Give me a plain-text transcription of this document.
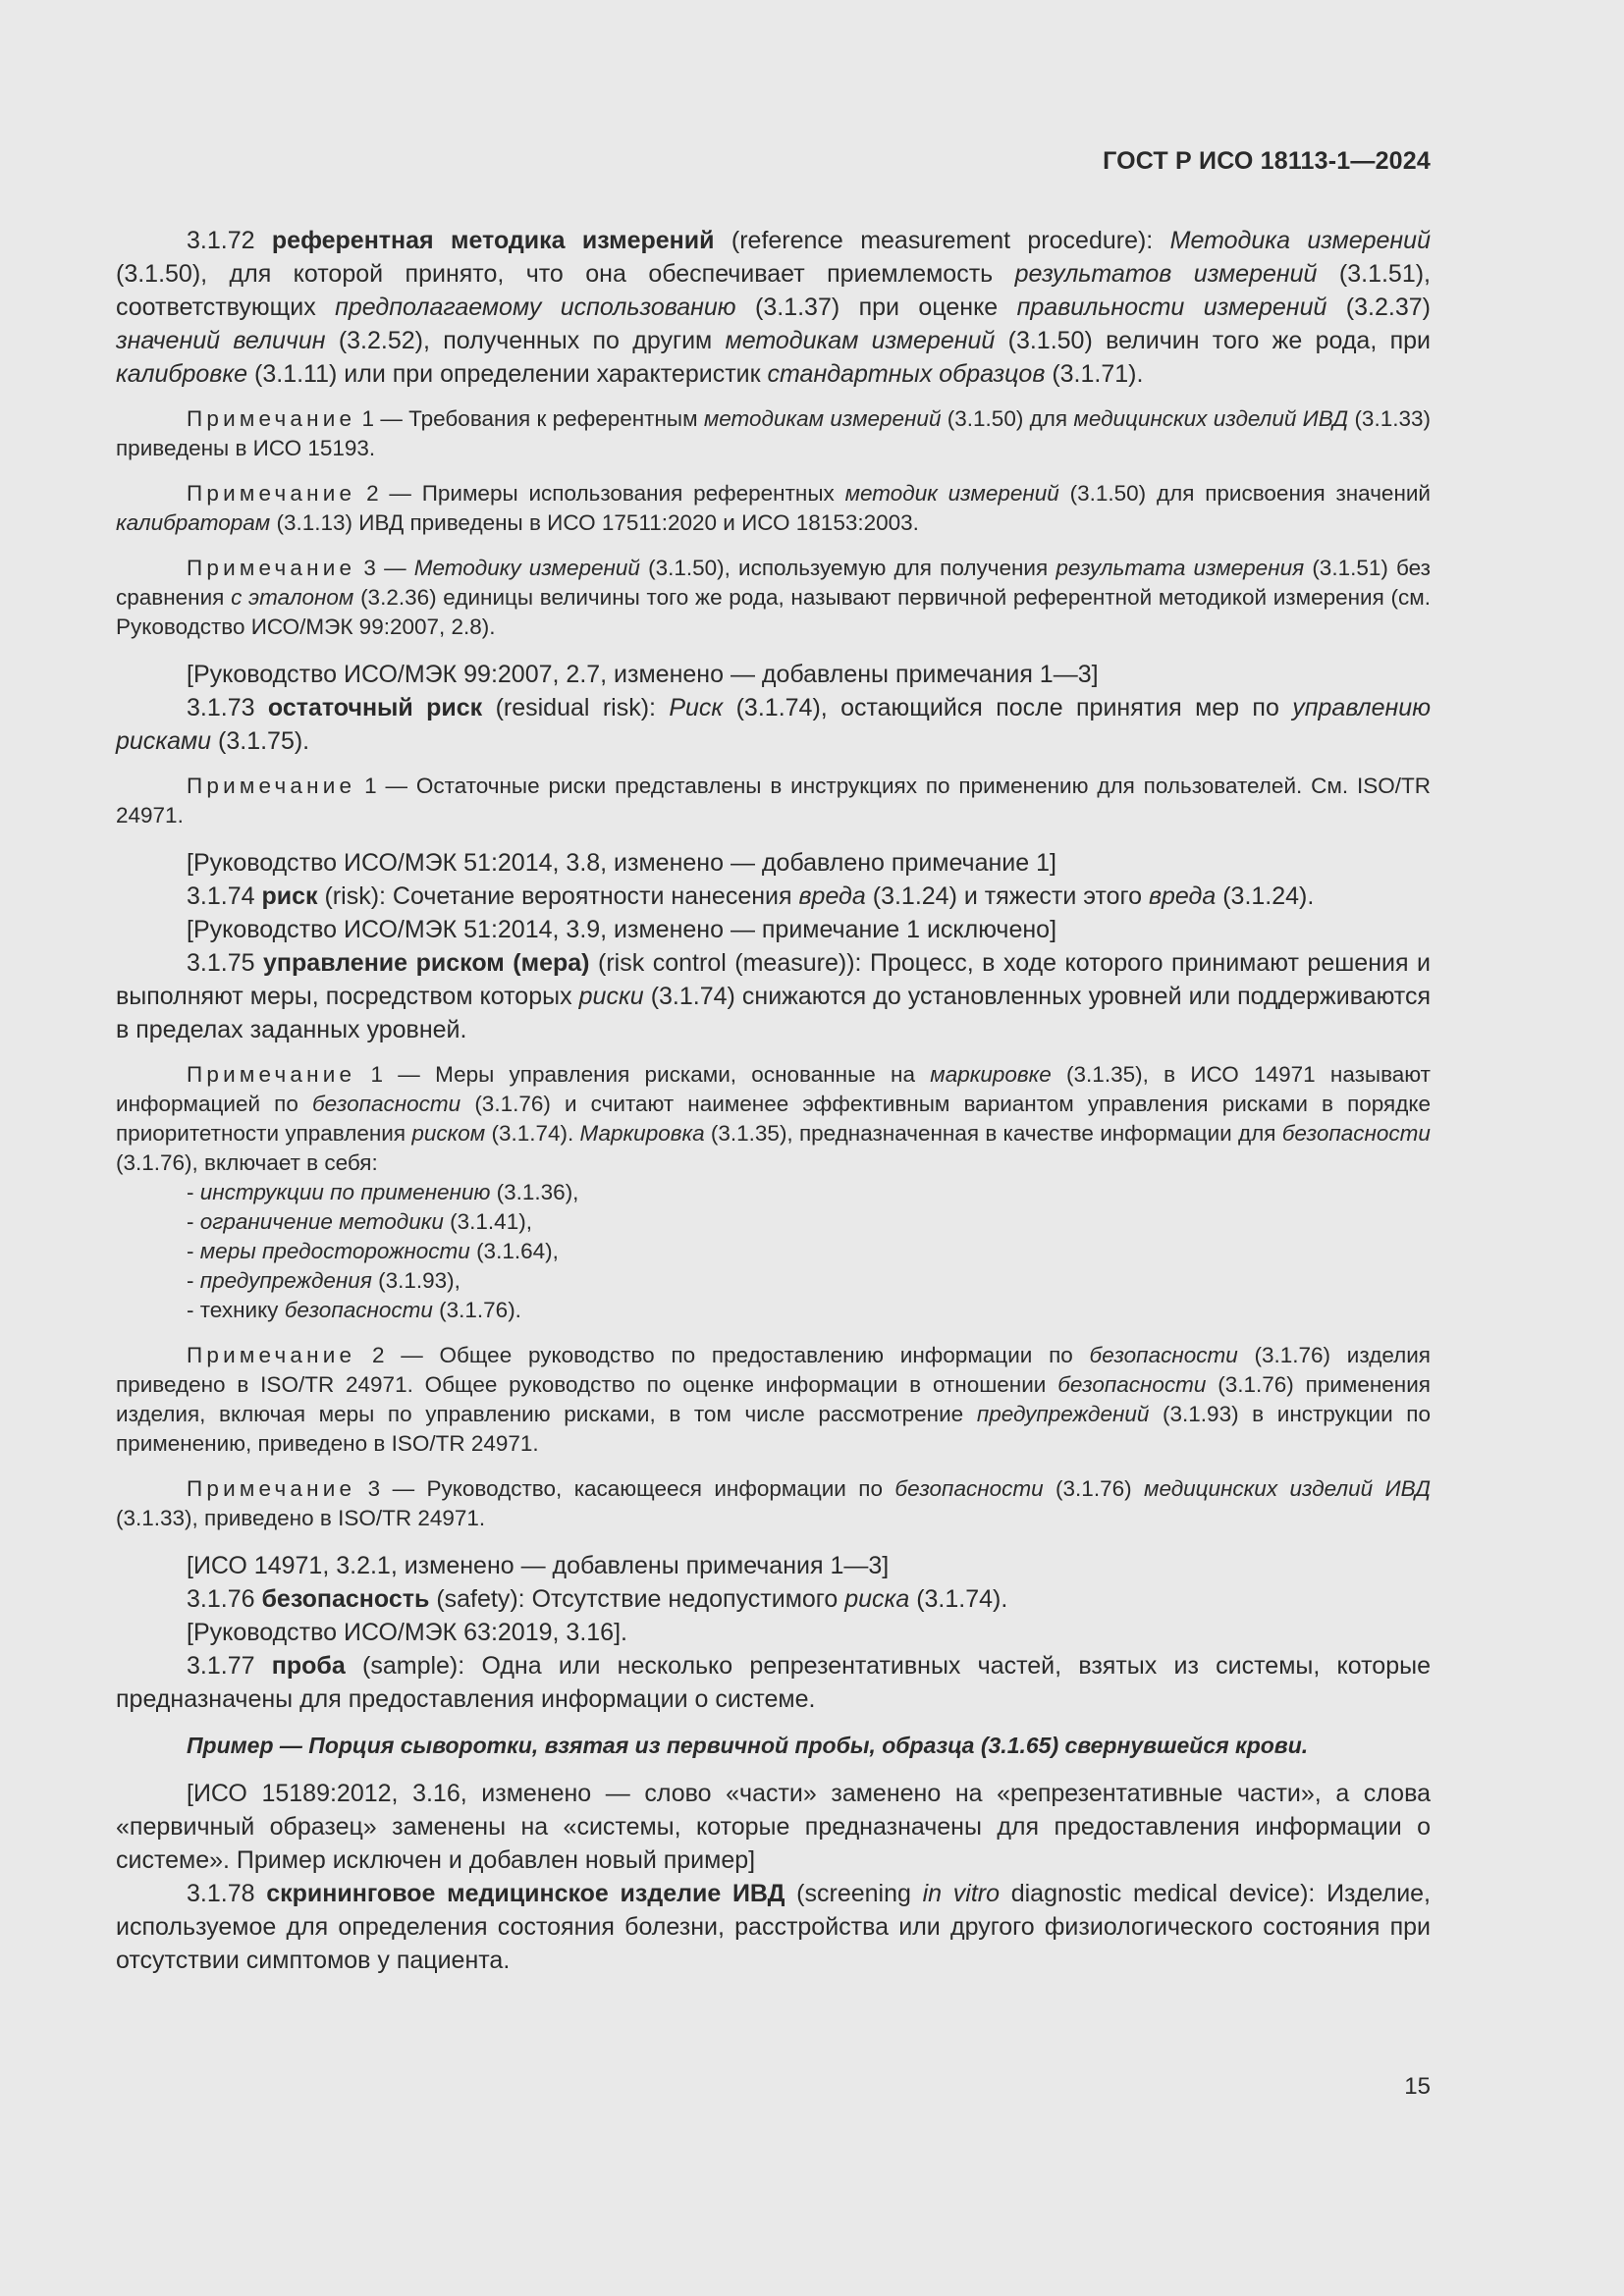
ГОСТ Р ИСО 18113-1—2024

3.1.72 референтная методика измерений (reference measurement procedure): Методика измерений (3.1.50), для которой принято, что она обеспечивает приемлемость результатов измерений (3.1.51), соответствующих предполагаемому использованию (3.1.37) при оценке правильности измерений (3.2.37) значений величин (3.2.52), полученных по другим методикам измерений (3.1.50) величин того же рода, при калибровке (3.1.11) или при определении характеристик стандартных образцов (3.1.71).

Примечание 1 — Требования к референтным методикам измерений (3.1.50) для медицинских изделий ИВД (3.1.33) приведены в ИСО 15193.

Примечание 2 — Примеры использования референтных методик измерений (3.1.50) для присвоения значений калибраторам (3.1.13) ИВД приведены в ИСО 17511:2020 и ИСО 18153:2003.

Примечание 3 — Методику измерений (3.1.50), используемую для получения результата измерения (3.1.51) без сравнения с эталоном (3.2.36) единицы величины того же рода, называют первичной референтной методикой измерения (см. Руководство ИСО/МЭК 99:2007, 2.8).

[Руководство ИСО/МЭК 99:2007, 2.7, изменено — добавлены примечания 1—3]

3.1.73 остаточный риск (residual risk): Риск (3.1.74), остающийся после принятия мер по управлению рисками (3.1.75).

Примечание 1 — Остаточные риски представлены в инструкциях по применению для пользователей. См. ISO/TR 24971.

[Руководство ИСО/МЭК 51:2014, 3.8, изменено — добавлено примечание 1]

3.1.74 риск (risk): Сочетание вероятности нанесения вреда (3.1.24) и тяжести этого вреда (3.1.24).

[Руководство ИСО/МЭК 51:2014, 3.9, изменено — примечание 1 исключено]

3.1.75 управление риском (мера) (risk control (measure)): Процесс, в ходе которого принимают решения и выполняют меры, посредством которых риски (3.1.74) снижаются до установленных уровней или поддерживаются в пределах заданных уровней.

Примечание 1 — Меры управления рисками, основанные на маркировке (3.1.35), в ИСО 14971 называют информацией по безопасности (3.1.76) и считают наименее эффективным вариантом управления рисками в порядке приоритетности управления риском (3.1.74). Маркировка (3.1.35), предназначенная в качестве информации для безопасности (3.1.76), включает в себя:

- инструкции по применению (3.1.36),
- ограничение методики (3.1.41),
- меры предосторожности (3.1.64),
- предупреждения (3.1.93),
- технику безопасности (3.1.76).

Примечание 2 — Общее руководство по предоставлению информации по безопасности (3.1.76) изделия приведено в ISO/TR 24971. Общее руководство по оценке информации в отношении безопасности (3.1.76) применения изделия, включая меры по управлению рисками, в том числе рассмотрение предупреждений (3.1.93) в инструкции по применению, приведено в ISO/TR 24971.

Примечание 3 — Руководство, касающееся информации по безопасности (3.1.76) медицинских изделий ИВД (3.1.33), приведено в ISO/TR 24971.

[ИСО 14971, 3.2.1, изменено — добавлены примечания 1—3]

3.1.76 безопасность (safety): Отсутствие недопустимого риска (3.1.74).

[Руководство ИСО/МЭК 63:2019, 3.16].

3.1.77 проба (sample): Одна или несколько репрезентативных частей, взятых из системы, которые предназначены для предоставления информации о системе.

Пример — Порция сыворотки, взятая из первичной пробы, образца (3.1.65) свернувшейся крови.

[ИСО 15189:2012, 3.16, изменено — слово «части» заменено на «репрезентативные части», а слова «первичный образец» заменены на «системы, которые предназначены для предоставления информации о системе». Пример исключен и добавлен новый пример]

3.1.78 скрининговое медицинское изделие ИВД (screening in vitro diagnostic medical device): Изделие, используемое для определения состояния болезни, расстройства или другого физиологического состояния при отсутствии симптомов у пациента.

15
